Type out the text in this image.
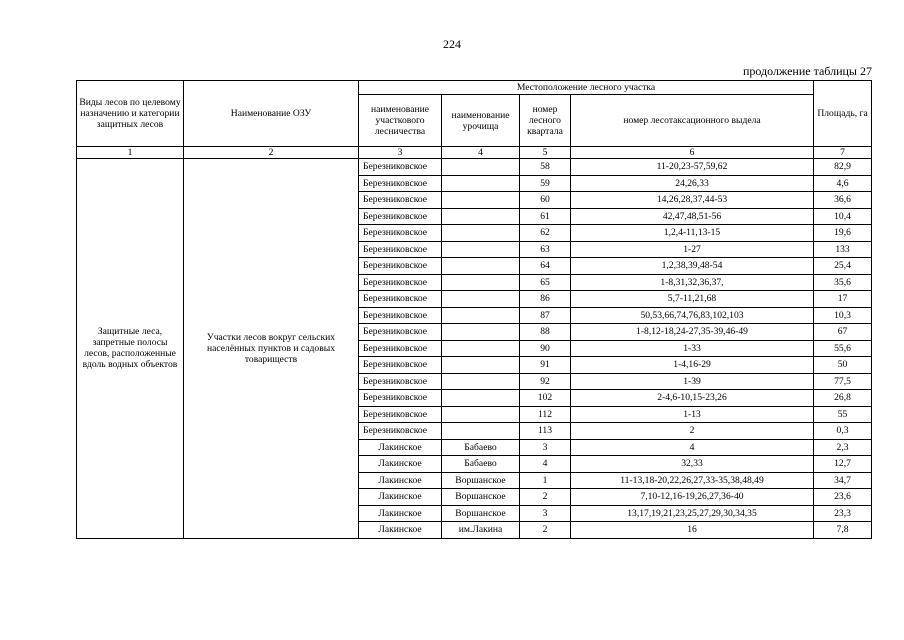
224
продолжение таблицы 27
Виды лесов по целевому назначению и категории защитных лесов	Наименование ОЗУ	Местоположение лесного участка				Площадь, га
		наименование участкового лесничества	наименование урочища	номер лесного квартала	номер лесотаксационного выдела	
1	2	3	4	5	6	7
Защитные леса, запретные полосы лесов, расположенные вдоль водных объектов	Участки лесов вокруг сельских населённых пунктов и садовых товариществ	Березниковское		58	11-20,23-57,59,62	82,9
		Березниковское		59	24,26,33	4,6
		Березниковское		60	14,26,28,37,44-53	36,6
		Березниковское		61	42,47,48,51-56	10,4
		Березниковское		62	1,2,4-11,13-15	19,6
		Березниковское		63	1-27	133
		Березниковское		64	1,2,38,39,48-54	25,4
		Березниковское		65	1-8,31,32,36,37,	35,6
		Березниковское		86	5,7-11,21,68	17
		Березниковское		87	50,53,66,74,76,83,102,103	10,3
		Березниковское		88	1-8,12-18,24-27,35-39,46-49	67
		Березниковское		90	1-33	55,6
		Березниковское		91	1-4,16-29	50
		Березниковское		92	1-39	77,5
		Березниковское		102	2-4,6-10,15-23,26	26,8
		Березниковское		112	1-13	55
		Березниковское		113	2	0,3
		Лакинское	Бабаево	3	4	2,3
		Лакинское	Бабаево	4	32,33	12,7
		Лакинское	Воршанское	1	11-13,18-20,22,26,27,33-35,38,48,49	34,7
		Лакинское	Воршанское	2	7,10-12,16-19,26,27,36-40	23,6
		Лакинское	Воршанское	3	13,17,19,21,23,25,27,29,30,34,35	23,3
		Лакинское	им.Лакина	2	16	7,8
